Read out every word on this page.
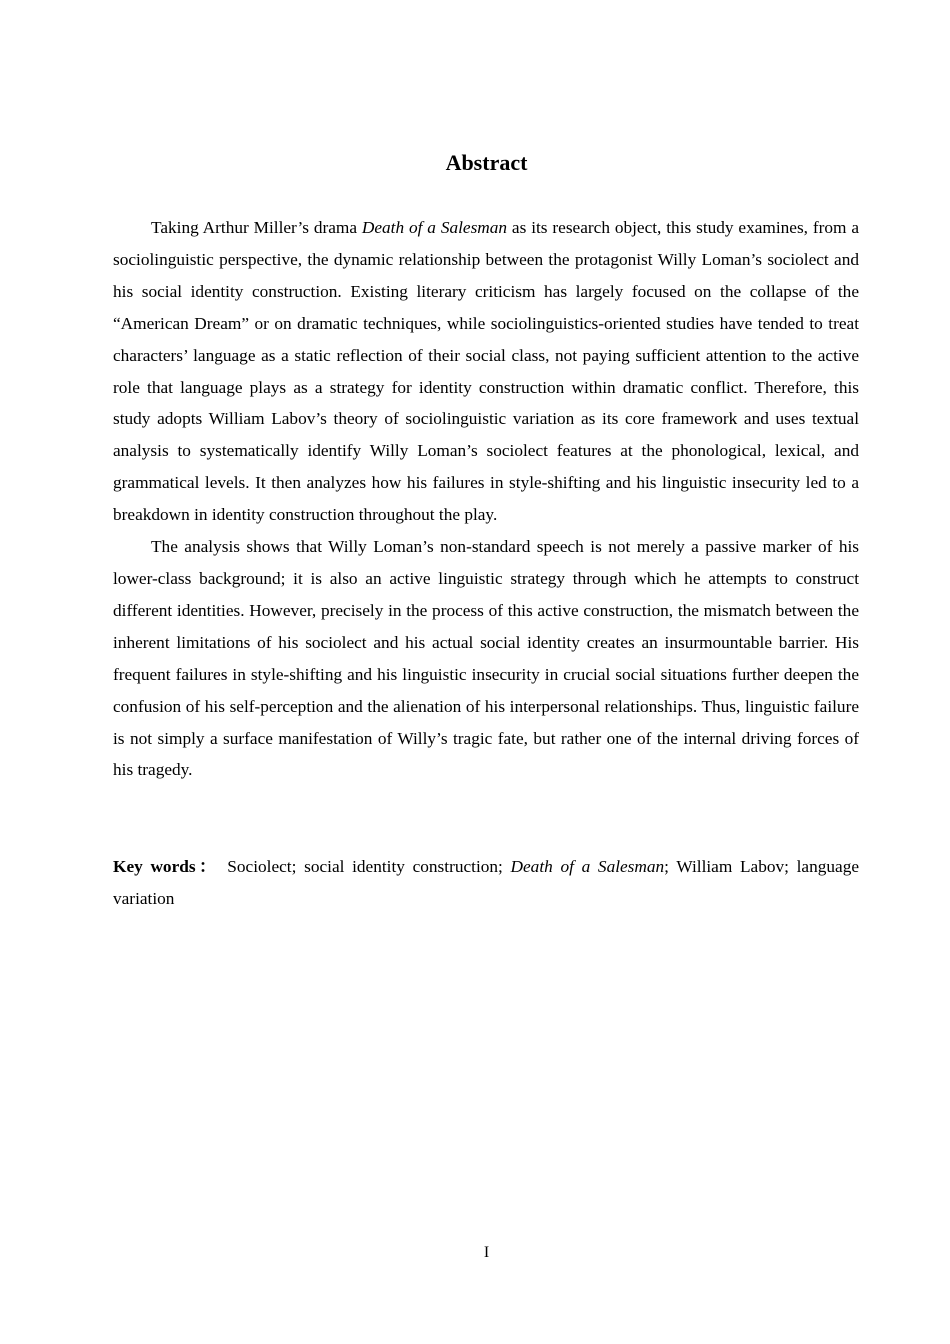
Abstract

Taking Arthur Miller’s drama Death of a Salesman as its research object, this study examines, from a sociolinguistic perspective, the dynamic relationship between the protagonist Willy Loman’s sociolect and his social identity construction. Existing literary criticism has largely focused on the collapse of the “American Dream” or on dramatic techniques, while sociolinguistics-oriented studies have tended to treat characters’ language as a static reflection of their social class, not paying sufficient attention to the active role that language plays as a strategy for identity construction within dramatic conflict. Therefore, this study adopts William Labov’s theory of sociolinguistic variation as its core framework and uses textual analysis to systematically identify Willy Loman’s sociolect features at the phonological, lexical, and grammatical levels. It then analyzes how his failures in style-shifting and his linguistic insecurity led to a breakdown in identity construction throughout the play.

The analysis shows that Willy Loman’s non-standard speech is not merely a passive marker of his lower-class background; it is also an active linguistic strategy through which he attempts to construct different identities. However, precisely in the process of this active construction, the mismatch between the inherent limitations of his sociolect and his actual social identity creates an insurmountable barrier. His frequent failures in style-shifting and his linguistic insecurity in crucial social situations further deepen the confusion of his self-perception and the alienation of his interpersonal relationships. Thus, linguistic failure is not simply a surface manifestation of Willy’s tragic fate, but rather one of the internal driving forces of his tragedy.

Key words： Sociolect; social identity construction; Death of a Salesman; William Labov; language variation
I
